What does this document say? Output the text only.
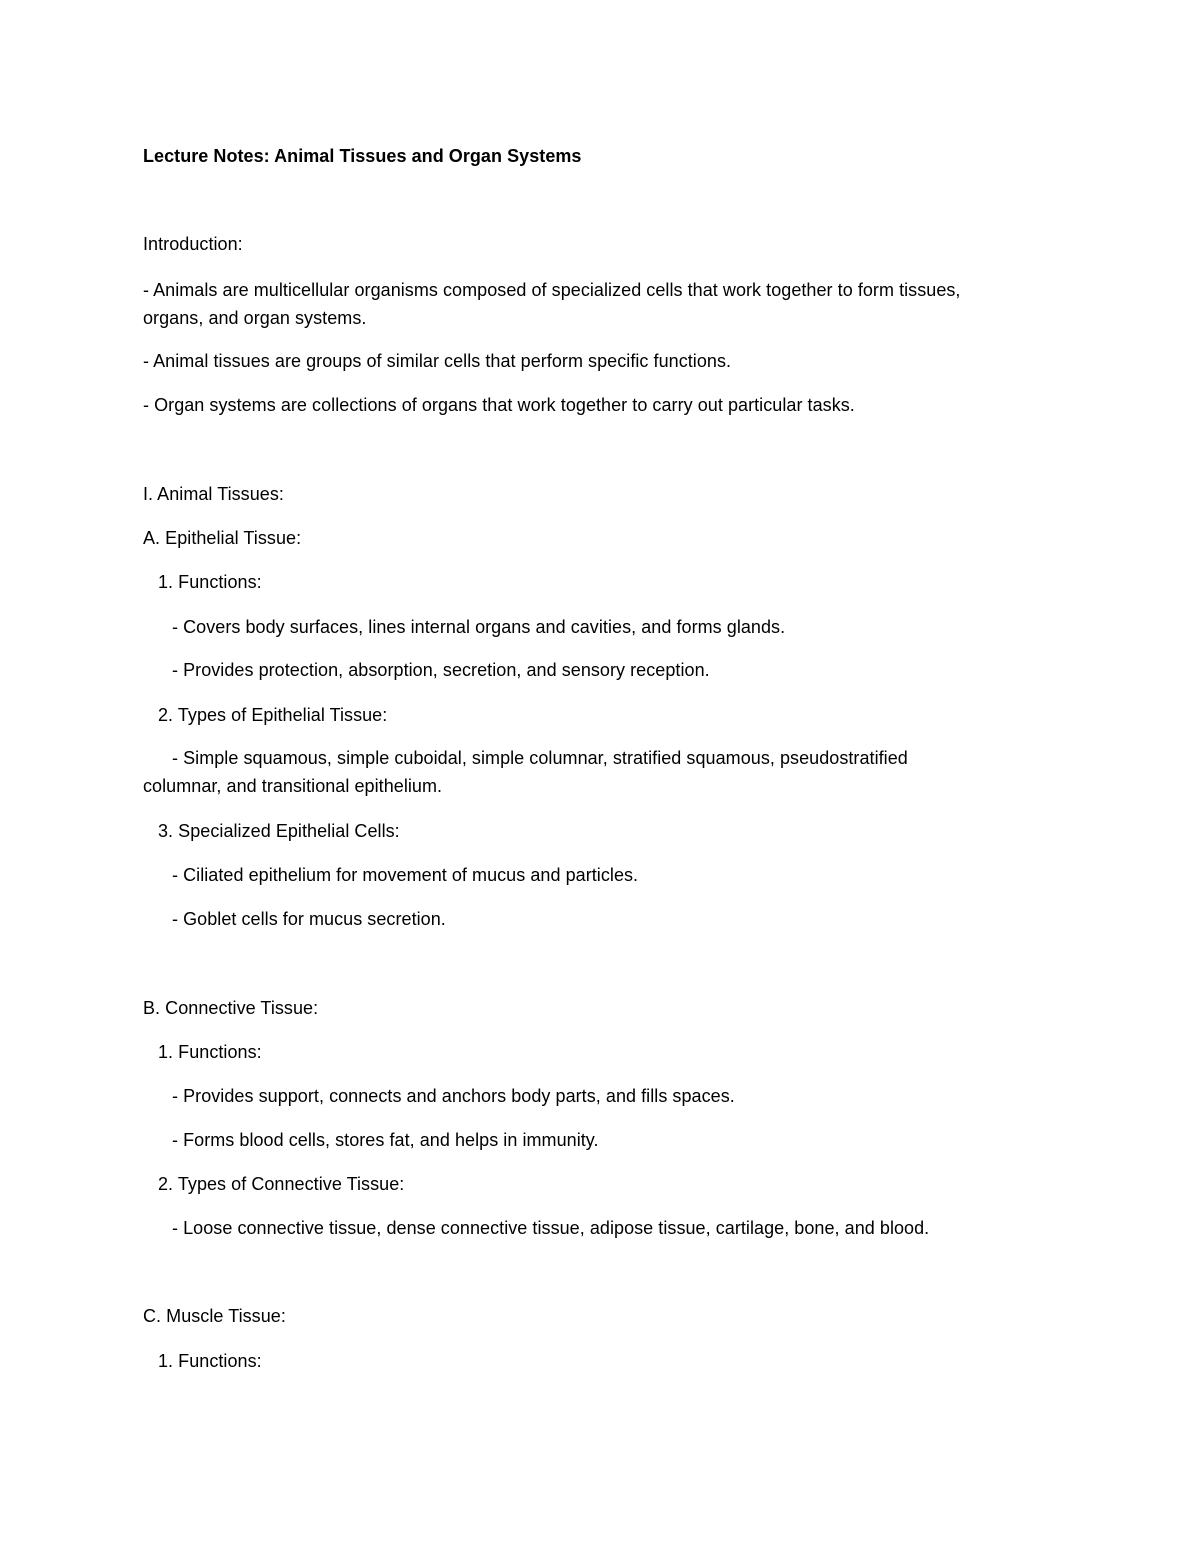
Lecture Notes: Animal Tissues and Organ Systems
Introduction:
- Animals are multicellular organisms composed of specialized cells that work together to form tissues,
organs, and organ systems.
- Animal tissues are groups of similar cells that perform specific functions.
- Organ systems are collections of organs that work together to carry out particular tasks.
I. Animal Tissues:
A. Epithelial Tissue:
1. Functions:
- Covers body surfaces, lines internal organs and cavities, and forms glands.
- Provides protection, absorption, secretion, and sensory reception.
2. Types of Epithelial Tissue:
- Simple squamous, simple cuboidal, simple columnar, stratified squamous, pseudostratified
columnar, and transitional epithelium.
3. Specialized Epithelial Cells:
- Ciliated epithelium for movement of mucus and particles.
- Goblet cells for mucus secretion.
B. Connective Tissue:
1. Functions:
- Provides support, connects and anchors body parts, and fills spaces.
- Forms blood cells, stores fat, and helps in immunity.
2. Types of Connective Tissue:
- Loose connective tissue, dense connective tissue, adipose tissue, cartilage, bone, and blood.
C. Muscle Tissue:
1. Functions:
